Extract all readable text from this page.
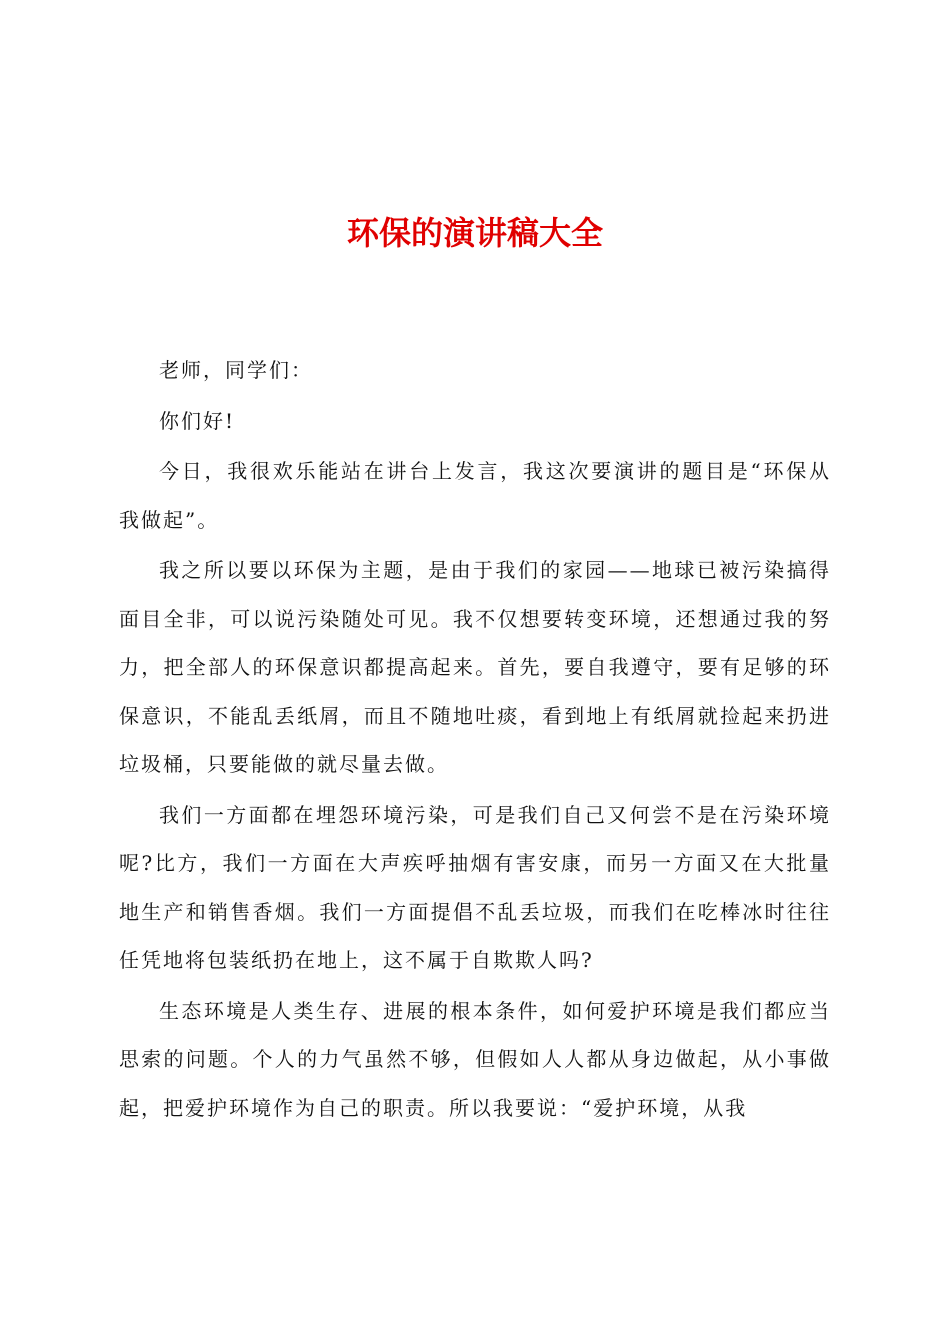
环保的演讲稿大全

老师，同学们：

你们好!

今日，我很欢乐能站在讲台上发言，我这次要演讲的题目是“环保从我做起”。

我之所以要以环保为主题，是由于我们的家园——地球已被污染搞得面目全非，可以说污染随处可见。我不仅想要转变环境，还想通过我的努力，把全部人的环保意识都提高起来。首先，要自我遵守，要有足够的环保意识，不能乱丢纸屑，而且不随地吐痰，看到地上有纸屑就捡起来扔进垃圾桶，只要能做的就尽量去做。

我们一方面都在埋怨环境污染，可是我们自己又何尝不是在污染环境呢?比方，我们一方面在大声疾呼抽烟有害安康，而另一方面又在大批量地生产和销售香烟。我们一方面提倡不乱丢垃圾，而我们在吃棒冰时往往任凭地将包装纸扔在地上，这不属于自欺欺人吗?

生态环境是人类生存、进展的根本条件，如何爱护环境是我们都应当思索的问题。个人的力气虽然不够，但假如人人都从身边做起，从小事做起，把爱护环境作为自己的职责。所以我要说：“爱护环境，从我
